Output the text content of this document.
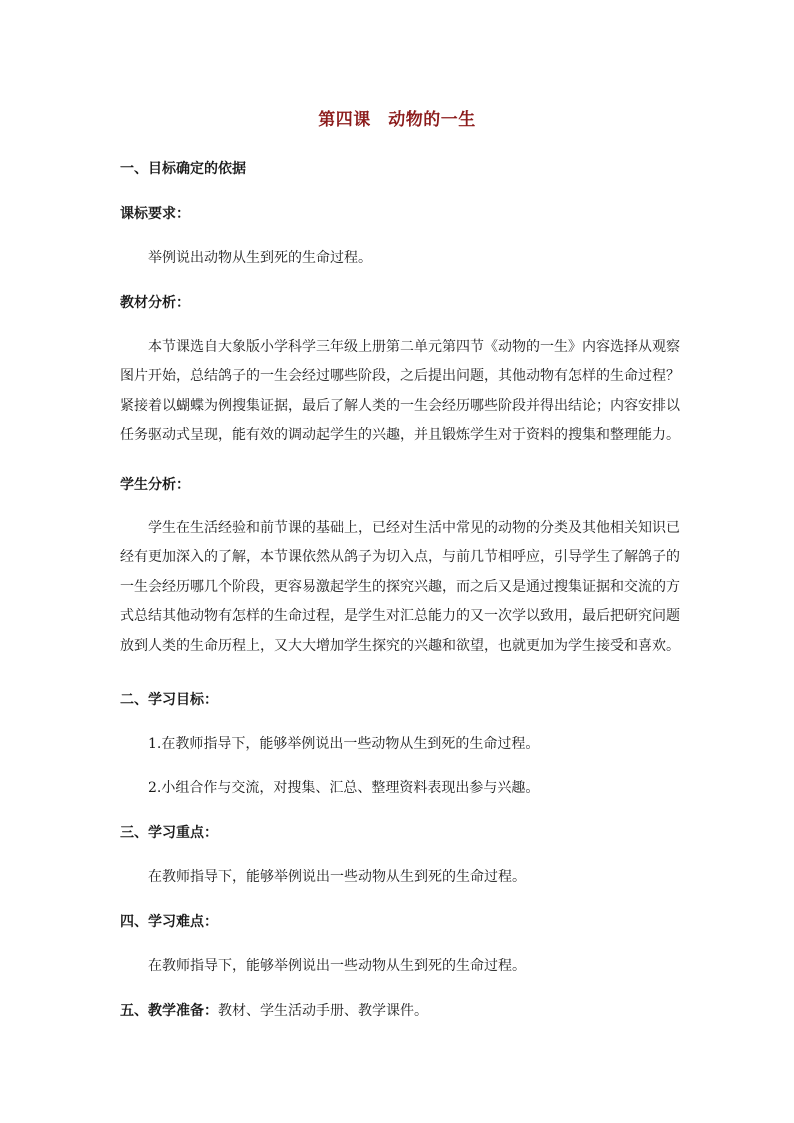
第四课　动物的一生
一、目标确定的依据
课标要求：
举例说出动物从生到死的生命过程。
教材分析：
本节课选自大象版小学科学三年级上册第二单元第四节《动物的一生》内容选择从观察图片开始，总结鸽子的一生会经过哪些阶段，之后提出问题，其他动物有怎样的生命过程？紧接着以蝴蝶为例搜集证据，最后了解人类的一生会经历哪些阶段并得出结论；内容安排以任务驱动式呈现，能有效的调动起学生的兴趣，并且锻炼学生对于资料的搜集和整理能力。
学生分析：
学生在生活经验和前节课的基础上，已经对生活中常见的动物的分类及其他相关知识已经有更加深入的了解，本节课依然从鸽子为切入点，与前几节相呼应，引导学生了解鸽子的一生会经历哪几个阶段，更容易激起学生的探究兴趣，而之后又是通过搜集证据和交流的方式总结其他动物有怎样的生命过程，是学生对汇总能力的又一次学以致用，最后把研究问题放到人类的生命历程上，又大大增加学生探究的兴趣和欲望，也就更加为学生接受和喜欢。
二、学习目标：
1.在教师指导下，能够举例说出一些动物从生到死的生命过程。
2.小组合作与交流，对搜集、汇总、整理资料表现出参与兴趣。
三、学习重点：
在教师指导下，能够举例说出一些动物从生到死的生命过程。
四、学习难点：
在教师指导下，能够举例说出一些动物从生到死的生命过程。
五、教学准备：教材、学生活动手册、教学课件。
